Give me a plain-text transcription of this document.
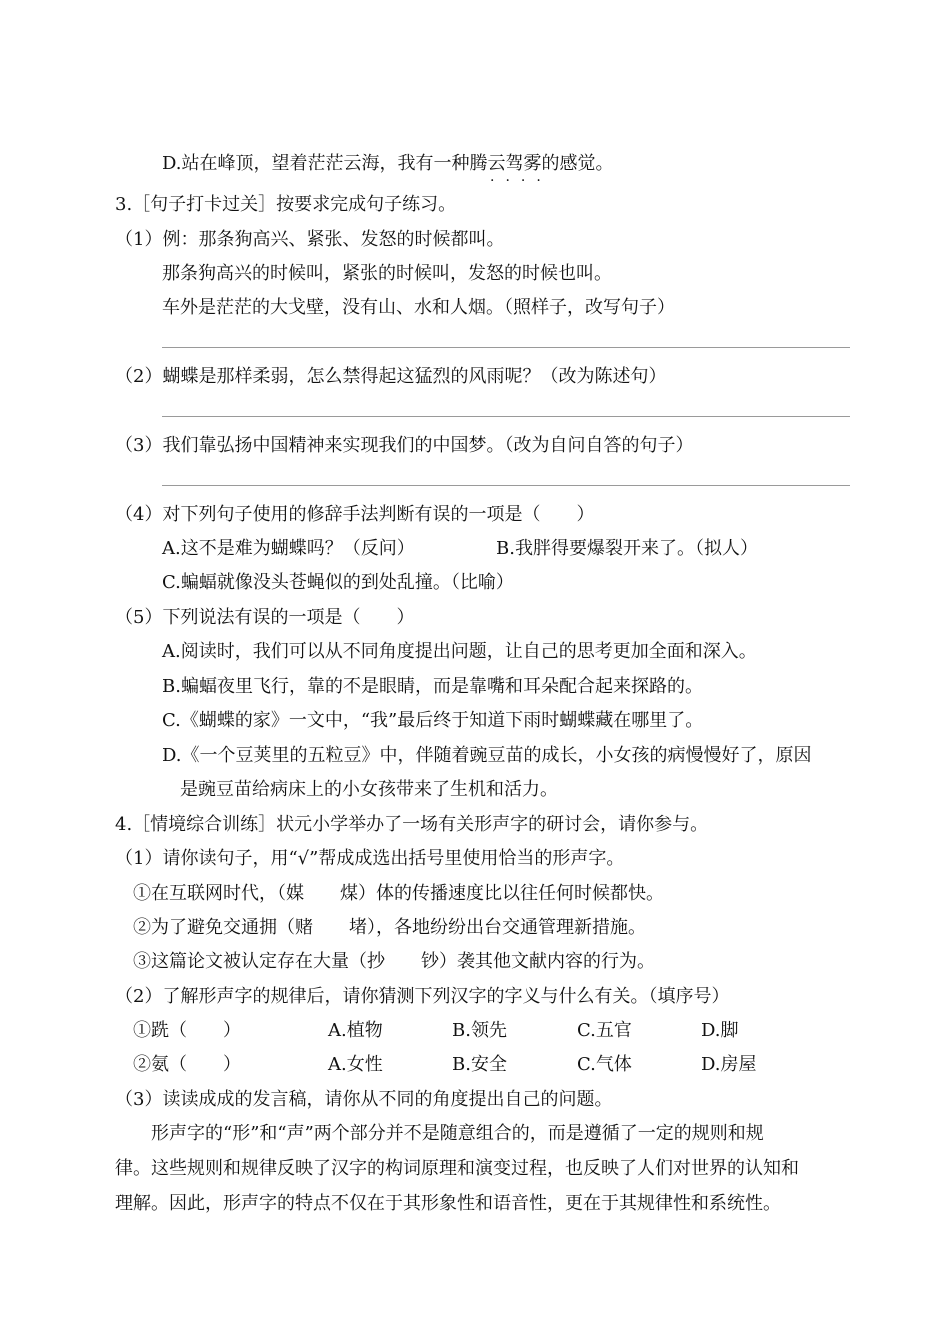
D.站在峰顶，望着茫茫云海，我有一种腾云驾雾的感觉。
····
3.［句子打卡过关］按要求完成句子练习。
（1）例：那条狗高兴、紧张、发怒的时候都叫。
那条狗高兴的时候叫，紧张的时候叫，发怒的时候也叫。
车外是茫茫的大戈壁，没有山、水和人烟。（照样子，改写句子）
（2）蝴蝶是那样柔弱，怎么禁得起这猛烈的风雨呢？（改为陈述句）
（3）我们靠弘扬中国精神来实现我们的中国梦。（改为自问自答的句子）
（4）对下列句子使用的修辞手法判断有误的一项是（　　）
A.这不是难为蝴蝶吗？（反问）	B.我胖得要爆裂开来了。（拟人）
C.蝙蝠就像没头苍蝇似的到处乱撞。（比喻）
（5）下列说法有误的一项是（　　）
A.阅读时，我们可以从不同角度提出问题，让自己的思考更加全面和深入。
B.蝙蝠夜里飞行，靠的不是眼睛，而是靠嘴和耳朵配合起来探路的。
C.《蝴蝶的家》一文中，“我”最后终于知道下雨时蝴蝶藏在哪里了。
D.《一个豆荚里的五粒豆》中，伴随着豌豆苗的成长，小女孩的病慢慢好了，原因
是豌豆苗给病床上的小女孩带来了生机和活力。
4.［情境综合训练］状元小学举办了一场有关形声字的研讨会，请你参与。
（1）请你读句子，用“√”帮成成选出括号里使用恰当的形声字。
①在互联网时代，（媒　　煤）体的传播速度比以往任何时候都快。
②为了避免交通拥（赌　　堵），各地纷纷出台交通管理新措施。
③这篇论文被认定存在大量（抄　　钞）袭其他文献内容的行为。
（2）了解形声字的规律后，请你猜测下列汉字的字义与什么有关。（填序号）
①跣（　　）	A.植物	B.领先	C.五官	D.脚
②氨（　　）	A.女性	B.安全	C.气体	D.房屋
（3）读读成成的发言稿，请你从不同的角度提出自己的问题。
形声字的“形”和“声”两个部分并不是随意组合的，而是遵循了一定的规则和规
律。这些规则和规律反映了汉字的构词原理和演变过程，也反映了人们对世界的认知和
理解。因此，形声字的特点不仅在于其形象性和语音性，更在于其规律性和系统性。
